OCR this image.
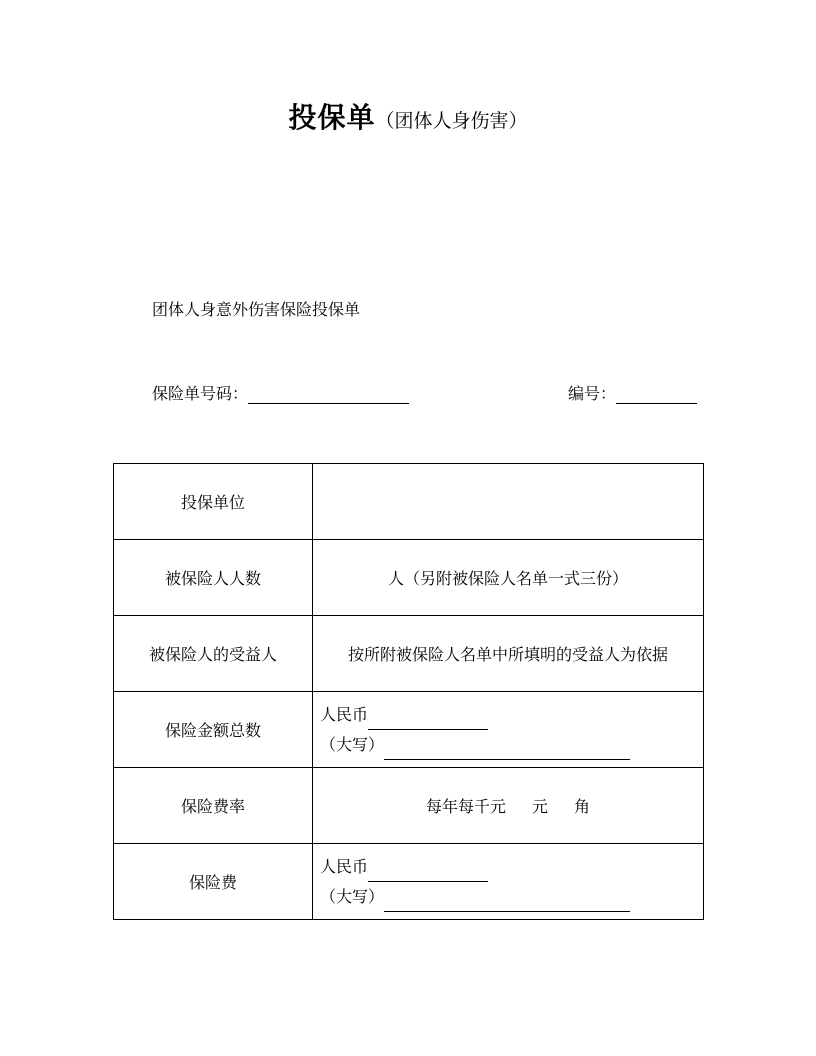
投保单（团体人身伤害）
团体人身意外伤害保险投保单
保险单号码：	编号：
投保单位	
被保险人人数	人（另附被保险人名单一式三份）
被保险人的受益人	按所附被保险人名单中所填明的受益人为依据
保险金额总数	人民币
（大写）

保险费率	每年每千元 元 角
保险费	人民币
（大写）
